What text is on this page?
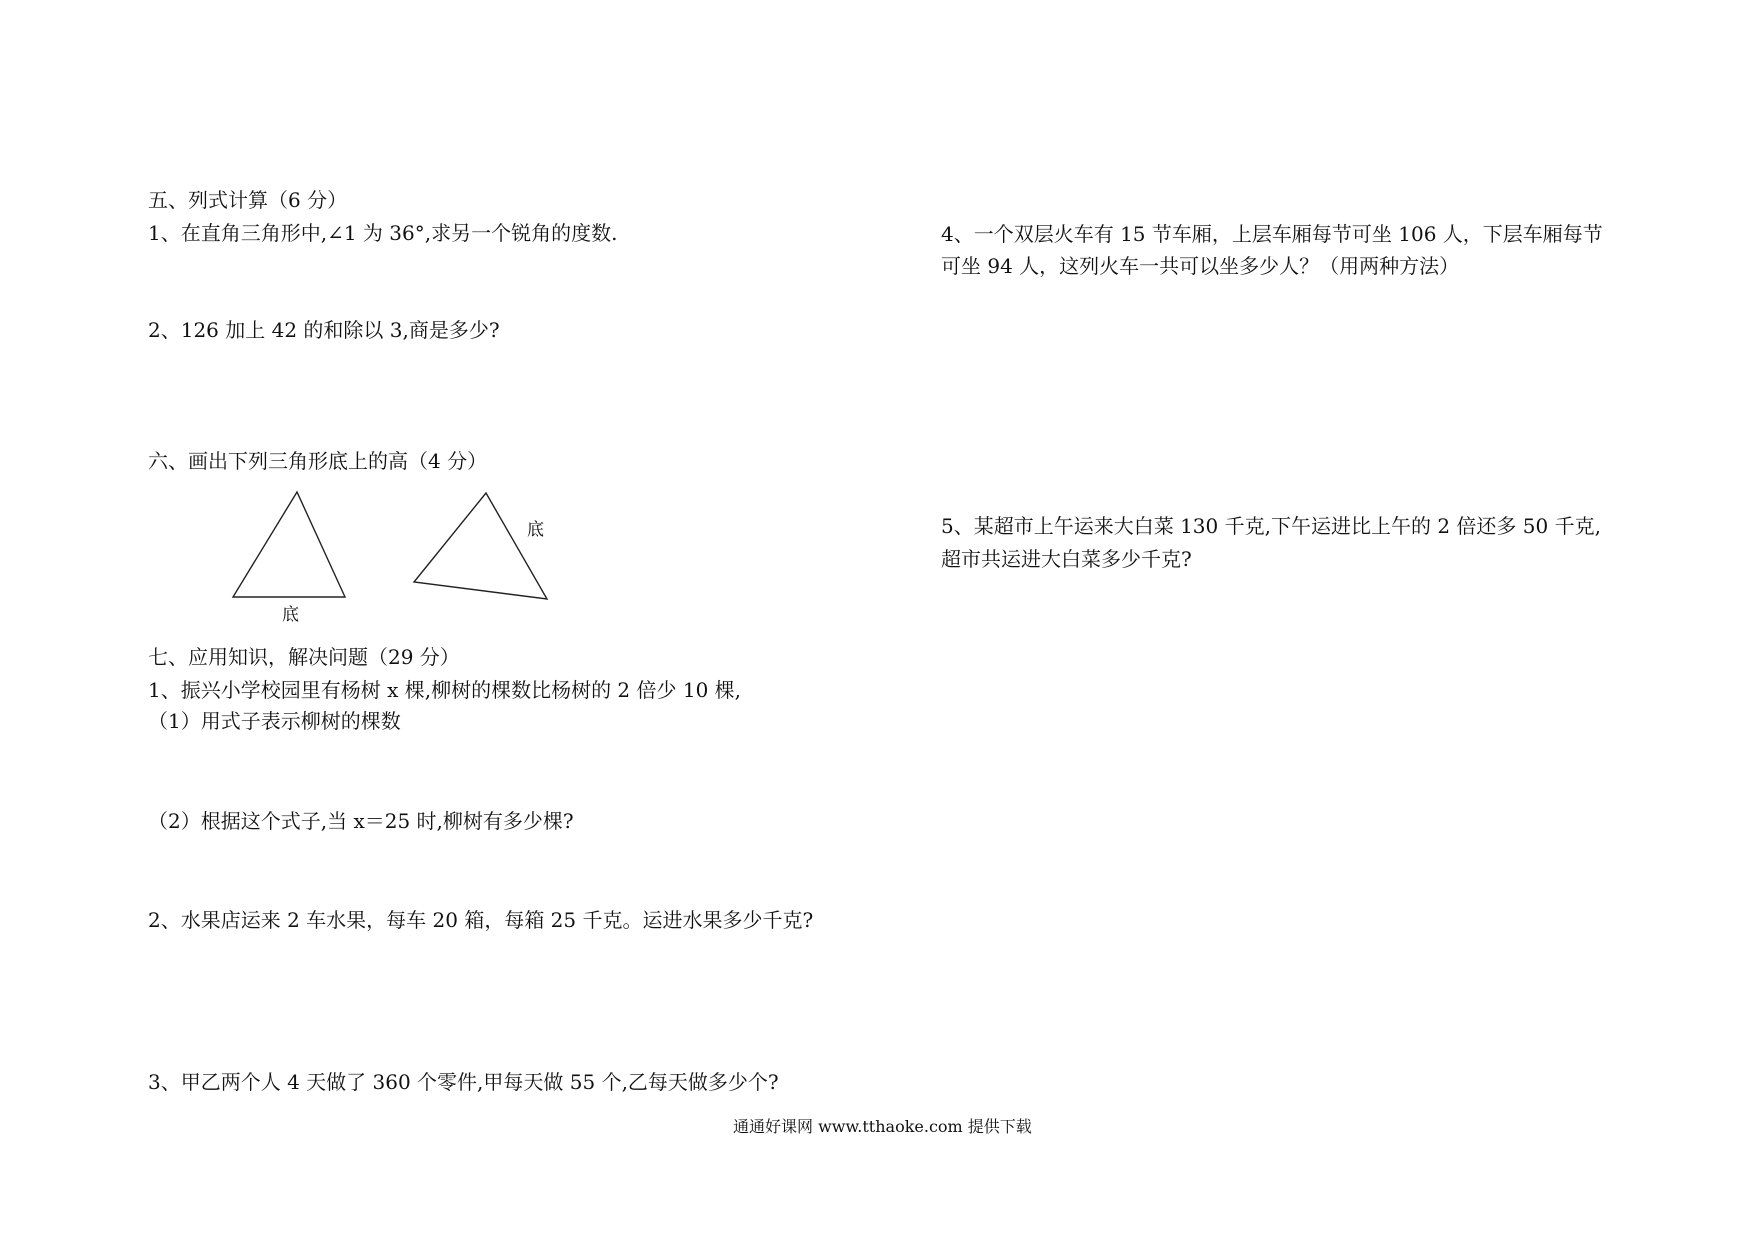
五、列式计算（6 分）

1、在直角三角形中,∠1 为 36°,求另一个锐角的度数.

2、126 加上 42 的和除以 3,商是多少?

六、画出下列三角形底上的高（4 分）

底
底

七、应用知识，解决问题（29 分）

1、振兴小学校园里有杨树 x 棵,柳树的棵数比杨树的 2 倍少 10 棵,

（1）用式子表示柳树的棵数

（2）根据这个式子,当 x＝25 时,柳树有多少棵?

2、水果店运来 2 车水果，每车 20 箱，每箱 25 千克。运进水果多少千克?

3、甲乙两个人 4 天做了 360 个零件,甲每天做 55 个,乙每天做多少个?

4、一个双层火车有 15 节车厢，上层车厢每节可坐 106 人，下层车厢每节

可坐 94 人，这列火车一共可以坐多少人？（用两种方法）

5、某超市上午运来大白菜 130 千克,下午运进比上午的 2 倍还多 50 千克,

超市共运进大白菜多少千克?

通通好课网 www.tthaoke.com 提供下载
